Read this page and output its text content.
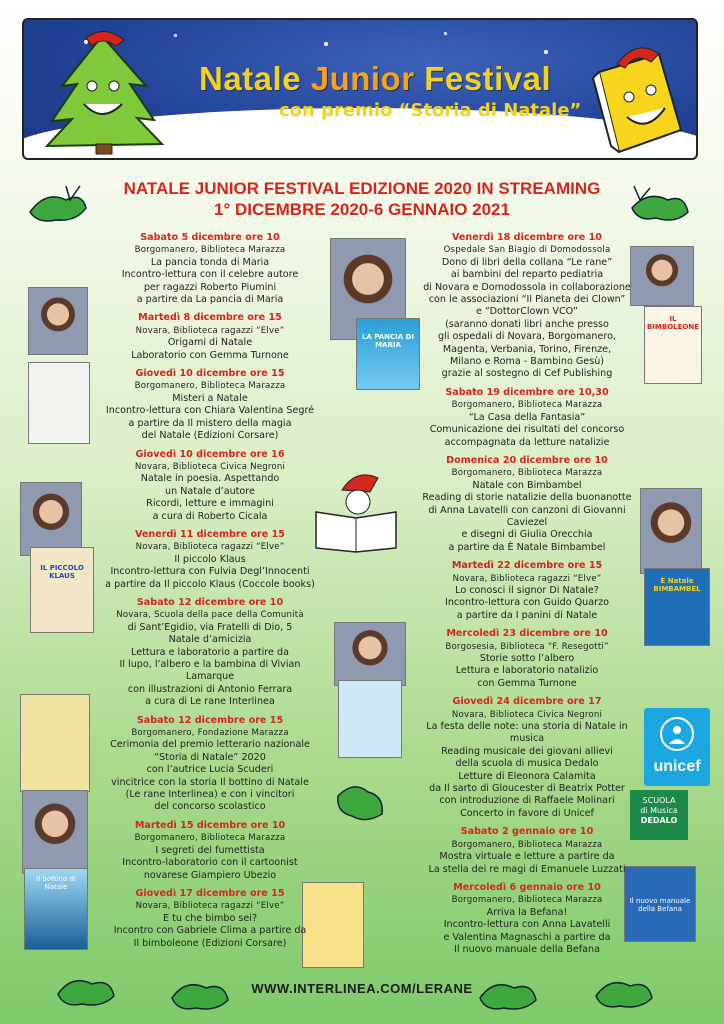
Natale Junior Festival
con premio “Storia di Natale”
NATALE JUNIOR FESTIVAL EDIZIONE 2020 IN STREAMING
1° DICEMBRE 2020-6 GENNAIO 2021
LA PANCIA DI MARIA
IL PICCOLO KLAUS
Il bottino di Natale
IL BIMBOLEONE
È Natale BIMBAMBEL
Il nuovo manuale della Befana
unicef
SCUOLA
di Musica
DEDALO
Sabato 5 dicembre ore 10
Borgomanero, Biblioteca Marazza
La pancia tonda di Maria
Incontro-lettura con il celebre autore
per ragazzi Roberto Piumini
a partire da La pancia di Maria
Martedì 8 dicembre ore 15
Novara, Biblioteca ragazzi “Elve”
Origami di Natale
Laboratorio con Gemma Turnone
Giovedì 10 dicembre ore 15
Borgomanero, Biblioteca Marazza
Misteri a Natale
Incontro-lettura con Chiara Valentina Segré
a partire da Il mistero della magia
del Natale (Edizioni Corsare)
Giovedì 10 dicembre ore 16
Novara, Biblioteca Civica Negroni
Natale in poesia. Aspettando
un Natale d’autore
Ricordi, letture e immagini
a cura di Roberto Cicala
Venerdì 11 dicembre ore 15
Novara, Biblioteca ragazzi “Elve”
Il piccolo Klaus
Incontro-lettura con Fulvia Degl’Innocenti
a partire da Il piccolo Klaus (Coccole books)
Sabato 12 dicembre ore 10
Novara, Scuola della pace della Comunità
di Sant’Egidio, via Fratelli di Dio, 5
Natale d’amicizia
Lettura e laboratorio a partire da
Il lupo, l’albero e la bambina di Vivian Lamarque
con illustrazioni di Antonio Ferrara
a cura di Le rane Interlinea
Sabato 12 dicembre ore 15
Borgomanero, Fondazione Marazza
Cerimonia del premio letterario nazionale
“Storia di Natale” 2020
con l’autrice Lucia Scuderi
vincitrice con la storia Il bottino di Natale
(Le rane Interlinea) e con i vincitori
del concorso scolastico
Martedì 15 dicembre ore 10
Borgomanero, Biblioteca Marazza
I segreti del fumettista
Incontro-laboratorio con il cartoonist
novarese Giampiero Ubezio
Giovedì 17 dicembre ore 15
Novara, Biblioteca ragazzi “Elve”
E tu che bimbo sei?
Incontro con Gabriele Clima a partire da
Il bimboleone (Edizioni Corsare)
Venerdì 18 dicembre ore 10
Ospedale San Biagio di Domodossola
Dono di libri della collana “Le rane”
ai bambini del reparto pediatria
di Novara e Domodossola in collaborazione
con le associazioni “Il Pianeta dei Clown”
e “DottorClown VCO”
(saranno donati libri anche presso
gli ospedali di Novara, Borgomanero,
Magenta, Verbania, Torino, Firenze,
Milano e Roma - Bambino Gesù)
grazie al sostegno di Cef Publishing
Sabato 19 dicembre ore 10,30
Borgomanero, Biblioteca Marazza
“La Casa della Fantasia”
Comunicazione dei risultati del concorso
accompagnata da letture natalizie
Domenica 20 dicembre ore 10
Borgomanero, Biblioteca Marazza
Natale con Bimbambel
Reading di storie natalizie della buonanotte
di Anna Lavatelli con canzoni di Giovanni Caviezel
e disegni di Giulia Orecchia
a partire da È Natale Bimbambel
Martedì 22 dicembre ore 15
Novara, Biblioteca ragazzi “Elve”
Lo conosci il signor Di Natale?
Incontro-lettura con Guido Quarzo
a partire da I panini di Natale
Mercoledì 23 dicembre ore 10
Borgosesia, Biblioteca “F. Resegotti”
Storie sotto l’albero
Lettura e laboratorio natalizio
con Gemma Turnone
Giovedì 24 dicembre ore 17
Novara, Biblioteca Civica Negroni
La festa delle note: una storia di Natale in musica
Reading musicale dei giovani allievi
della scuola di musica Dedalo
Letture di Eleonora Calamita
da Il sarto di Gloucester di Beatrix Potter
con introduzione di Raffaele Molinari
Concerto in favore di Unicef
Sabato 2 gennaio ore 10
Borgomanero, Biblioteca Marazza
Mostra virtuale e letture a partire da
La stella dei re magi di Emanuele Luzzati
Mercoledì 6 gennaio ore 10
Borgomanero, Biblioteca Marazza
Arriva la Befana!
Incontro-lettura con Anna Lavatelli
e Valentina Magnaschi a partire da
Il nuovo manuale della Befana
WWW.INTERLINEA.COM/LERANE
